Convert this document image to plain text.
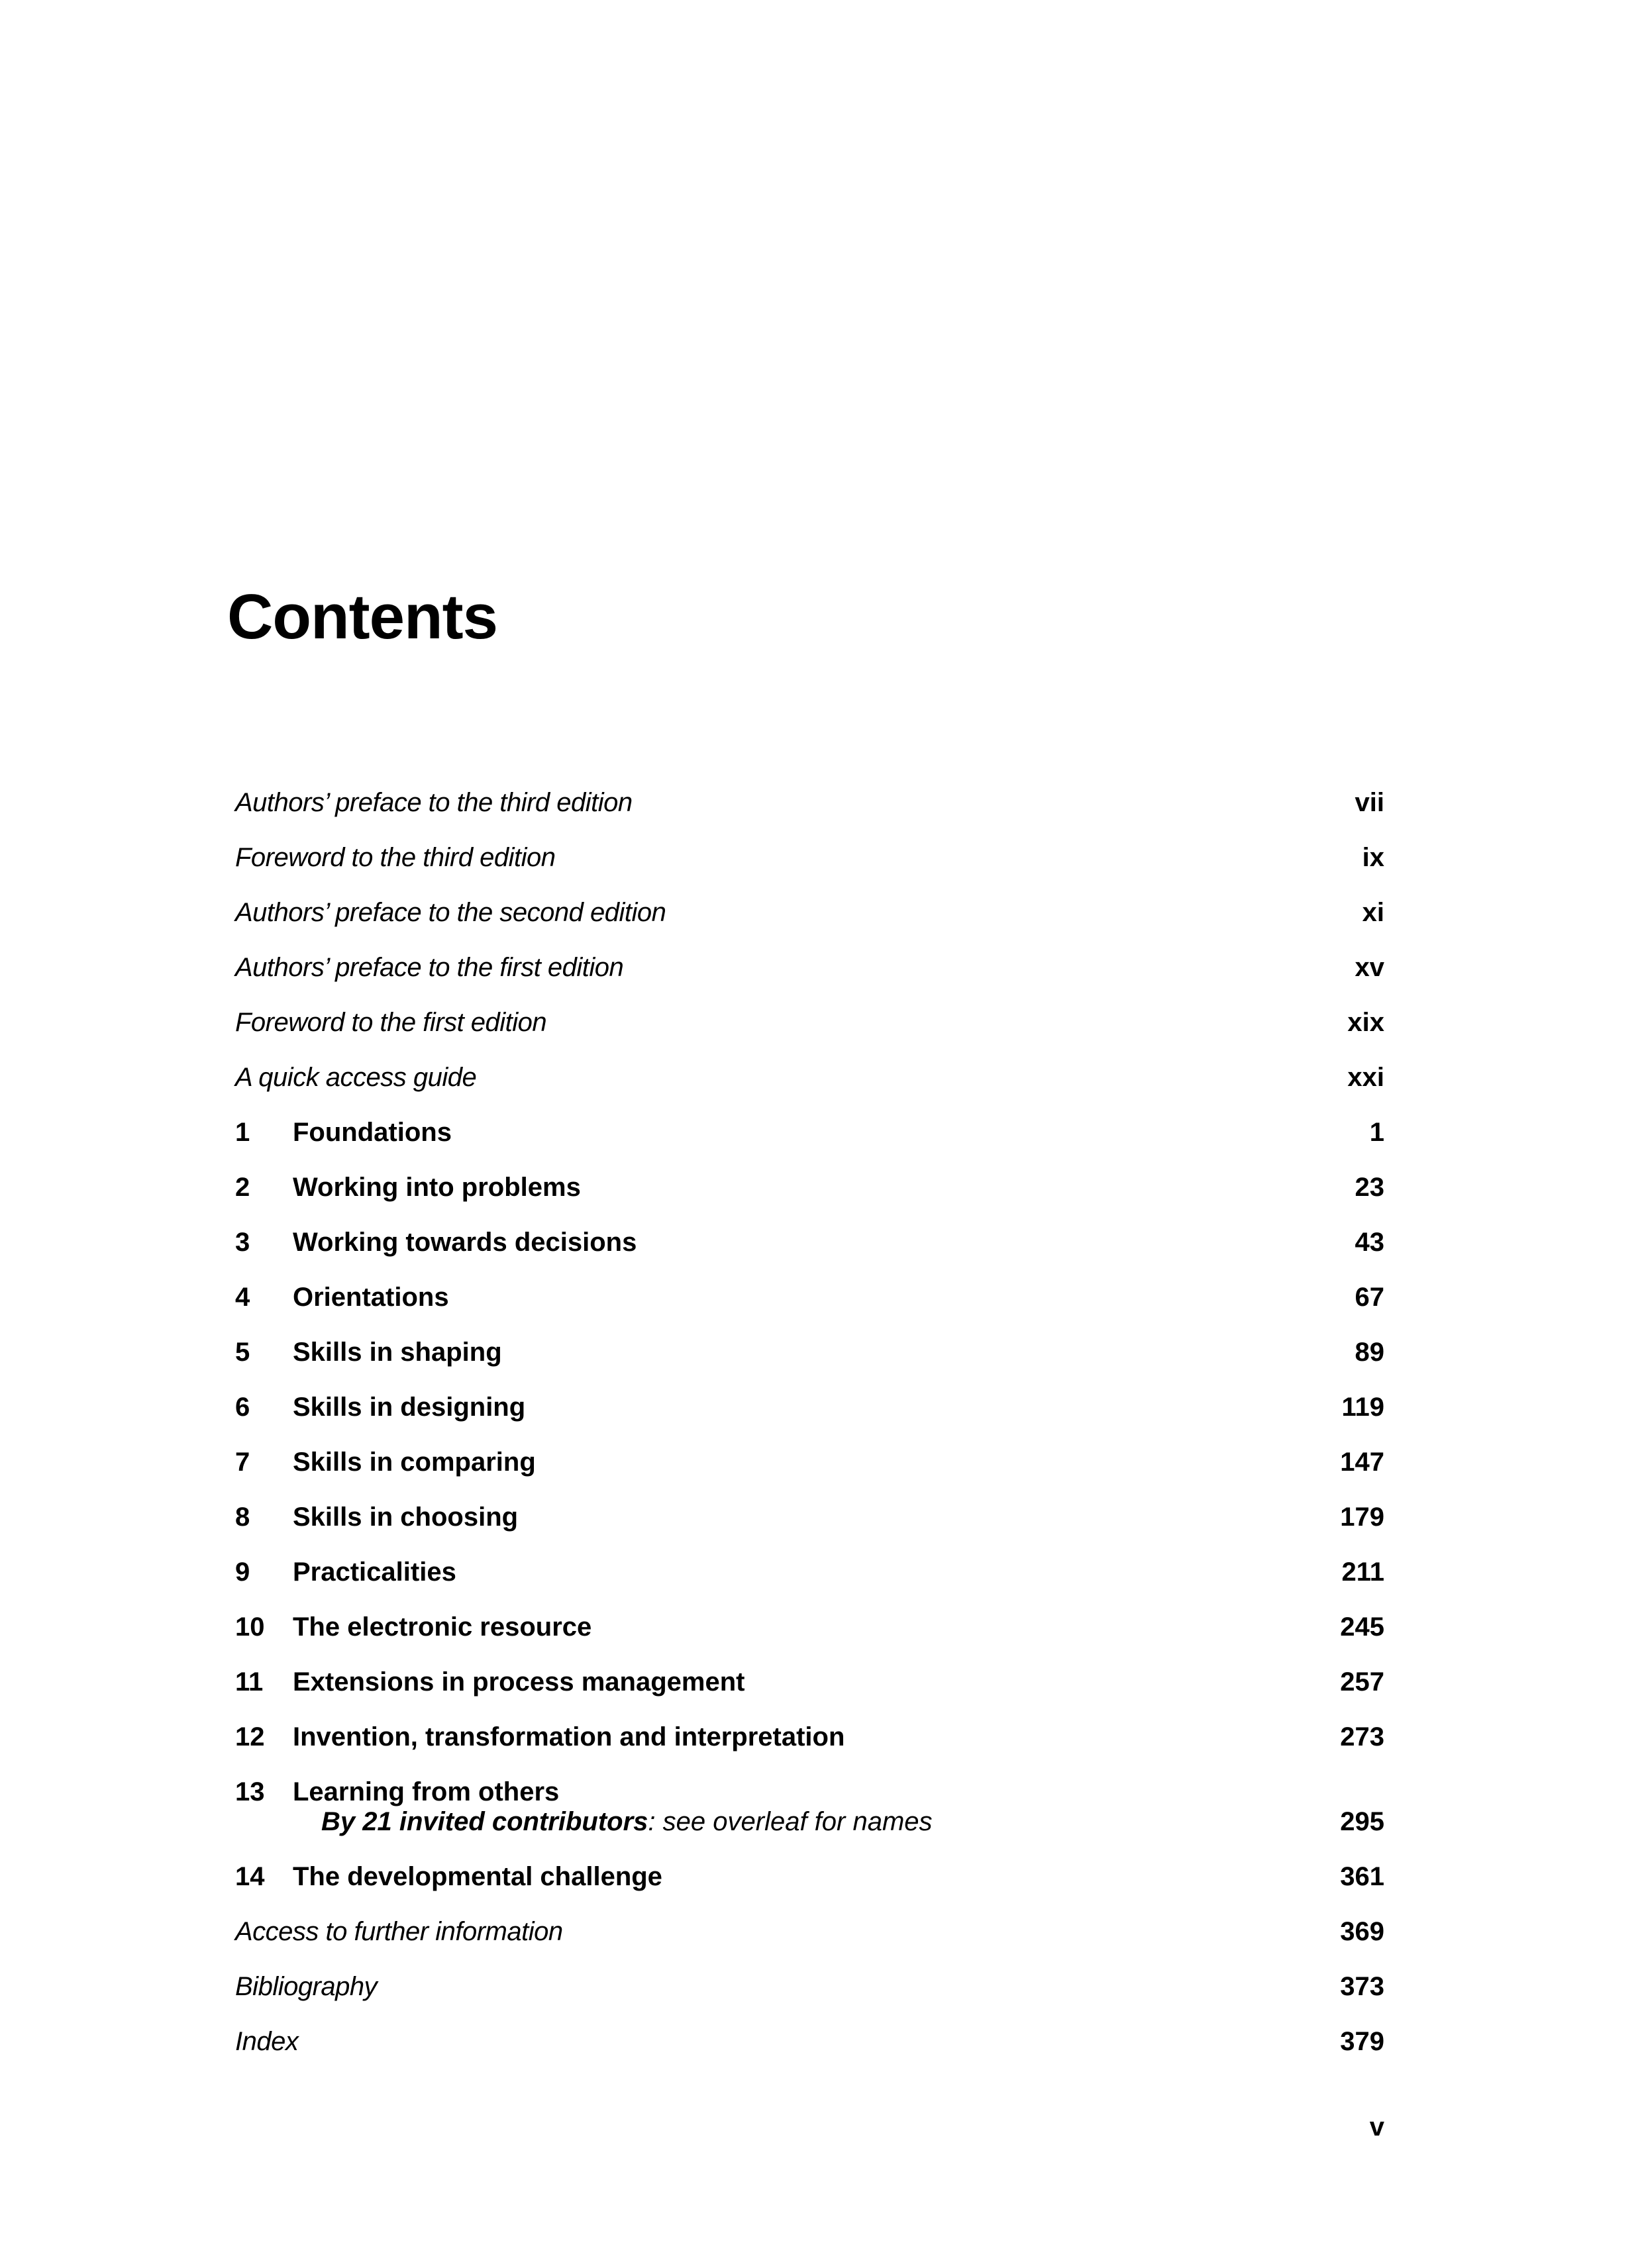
Contents
Authors’ preface to the third edition	vii
Foreword to the third edition	ix
Authors’ preface to the second edition	xi
Authors’ preface to the first edition	xv
Foreword to the first edition	xix
A quick access guide	xxi
1 Foundations	1
2 Working into problems	23
3 Working towards decisions	43
4 Orientations	67
5 Skills in shaping	89
6 Skills in designing	119
7 Skills in comparing	147
8 Skills in choosing	179
9 Practicalities	211
10 The electronic resource	245
11 Extensions in process management	257
12 Invention, transformation and interpretation	273
13 Learning from others
By 21 invited contributors: see overleaf for names	295
14 The developmental challenge	361
Access to further information	369
Bibliography	373
Index	379
v
